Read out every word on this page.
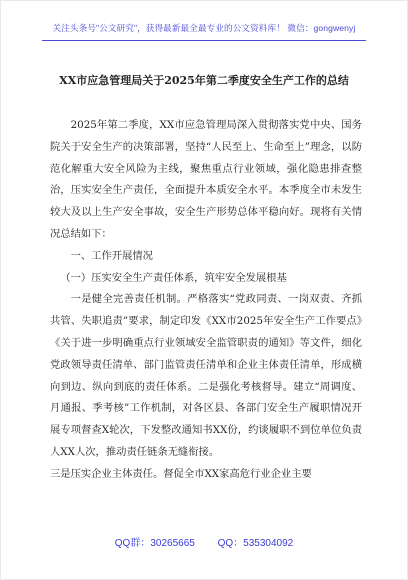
关注头条号"公文研究"，获得最新最全最专业的公文资料库！ 微信：gongwenyj
XX市应急管理局关于2025年第二季度安全生产工作的总结

2025年第二季度，XX市应急管理局深入贯彻落实党中央、国务院关于安全生产的决策部署，坚持“人民至上、生命至上”理念，以防范化解重大安全风险为主线，聚焦重点行业领域，强化隐患排查整治，压实安全生产责任，全面提升本质安全水平。本季度全市未发生较大及以上生产安全事故，安全生产形势总体平稳向好。现将有关情况总结如下：

一、工作开展情况

（一）压实安全生产责任体系，筑牢安全发展根基

一是健全完善责任机制。严格落实“党政同责、一岗双责、齐抓共管、失职追责”要求，制定印发《XX市2025年安全生产工作要点》《关于进一步明确重点行业领域安全监管职责的通知》等文件，细化党政领导责任清单、部门监管责任清单和企业主体责任清单，形成横向到边、纵向到底的责任体系。二是强化考核督导。建立“周调度、月通报、季考核”工作机制，对各区县、各部门安全生产履职情况开展专项督查X轮次，下发整改通知书XX份，约谈履职不到位单位负责人XX人次，推动责任链条无缝衔接。

三是压实企业主体责任。督促全市XX家高危行业企业主要

QQ群：30265665 QQ：535304092
